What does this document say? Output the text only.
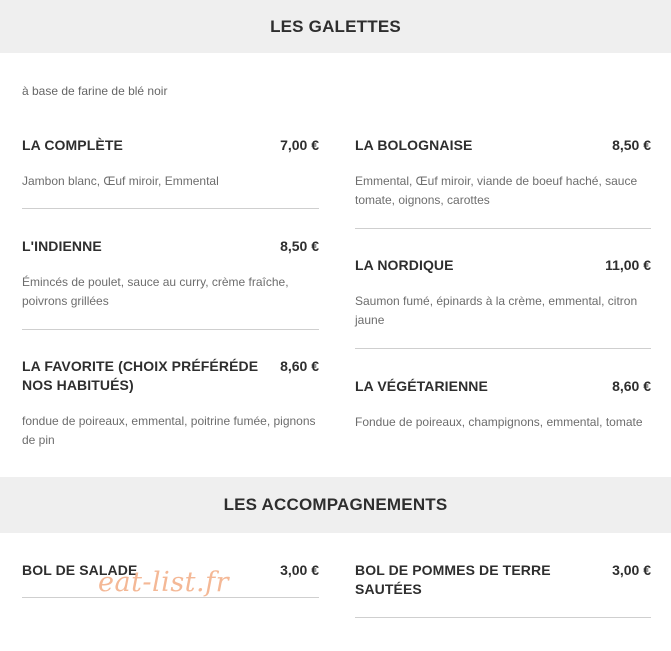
LES GALETTES
à base de farine de blé noir
LA COMPLÈTE	7,00 €
Jambon blanc, Œuf miroir, Emmental
LA BOLOGNAISE	8,50 €
Emmental, Œuf miroir, viande de boeuf haché, sauce tomate, oignons, carottes
L'INDIENNE	8,50 €
Émincés de poulet, sauce au curry, crème fraîche, poivrons grillées
LA NORDIQUE	11,00 €
Saumon fumé, épinards à la crème, emmental, citron jaune
LA FAVORITE (CHOIX PRÉFÉRÉDE NOS HABITUÉS)
8,60 €
fondue de poireaux, emmental, poitrine fumée, pignons de pin
LA VÉGÉTARIENNE	8,60 €
Fondue de poireaux, champignons, emmental, tomate
LES ACCOMPAGNEMENTS
BOL DE SALADE	3,00 €	BOL DE POMMES DE TERRE SAUTÉES
3,00 €
eat-list.fr
